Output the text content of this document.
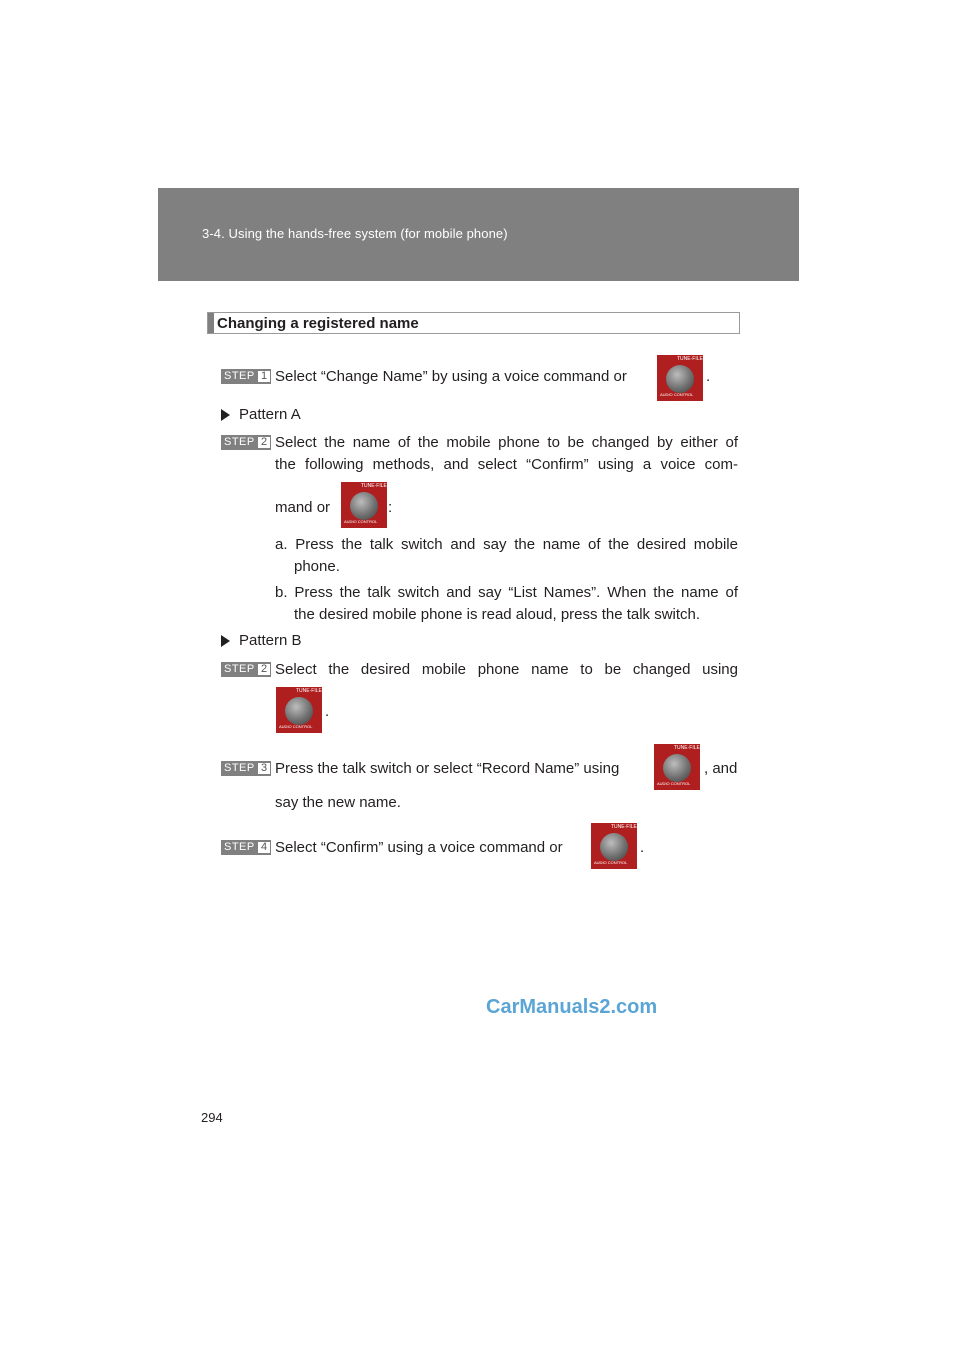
3-4. Using the hands-free system (for mobile phone)
Changing a registered name
STEP 1 Select “Change Name” by using a voice command or
TUNE·FILE
AUDIO CONTROL
.
Pattern A
STEP 2 Select the name of the mobile phone to be changed by either of
the following methods, and select “Confirm” using a voice com-
mand or
TUNE·FILE
AUDIO CONTROL
:
a. Press the talk switch and say the name of the desired mobile
phone.
b. Press the talk switch and say “List Names”. When the name of
the desired mobile phone is read aloud, press the talk switch.
Pattern B
STEP 2 Select the desired mobile phone name to be changed using
TUNE·FILE
AUDIO CONTROL
.
STEP 3 Press the talk switch or select “Record Name” using
TUNE·FILE
AUDIO CONTROL
, and
say the new name.
STEP 4 Select “Confirm” using a voice command or
TUNE·FILE
AUDIO CONTROL
.
CarManuals2.com
294
